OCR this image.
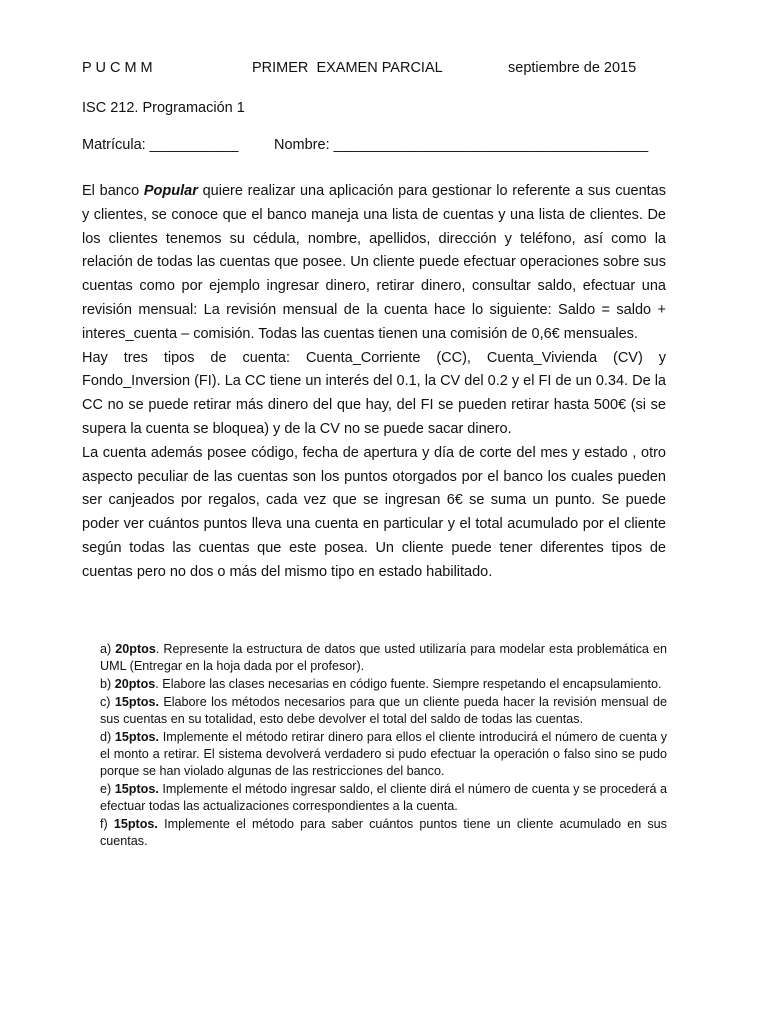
P U C M M	PRIMER  EXAMEN PARCIAL	septiembre de 2015
ISC 212. Programación 1
Matrícula: ___________ Nombre: _______________________________________

El banco Popular quiere realizar una aplicación para gestionar lo referente a sus cuentas y clientes, se conoce que el banco maneja una lista de cuentas y una lista de clientes. De los clientes tenemos su cédula, nombre, apellidos, dirección y teléfono, así como la relación de todas las cuentas que posee. Un cliente puede efectuar operaciones sobre sus cuentas como por ejemplo ingresar dinero, retirar dinero, consultar saldo, efectuar una revisión mensual: La revisión mensual de la cuenta hace lo siguiente: Saldo = saldo + interes_cuenta – comisión. Todas las cuentas tienen una comisión de 0,6€ mensuales.

Hay tres tipos de cuenta: Cuenta_Corriente (CC), Cuenta_Vivienda (CV) y Fondo_Inversion (FI). La CC tiene un interés del 0.1, la CV del 0.2 y el FI de un 0.34. De la CC no se puede retirar más dinero del que hay, del FI se pueden retirar hasta 500€ (si se supera la cuenta se bloquea) y de la CV no se puede sacar dinero.

La cuenta además posee código, fecha de apertura y día de corte del mes y estado , otro aspecto peculiar de las cuentas son los puntos otorgados por el banco los cuales pueden ser canjeados por regalos, cada vez que se ingresan 6€ se suma un punto. Se puede poder ver cuántos puntos lleva una cuenta en particular y el total acumulado por el cliente según todas las cuentas que este posea. Un cliente puede tener diferentes tipos de cuentas pero no dos o más del mismo tipo en estado habilitado.

a) 20ptos. Represente la estructura de datos que usted utilizaría para modelar esta problemática en UML (Entregar en la hoja dada por el profesor).

b) 20ptos. Elabore las clases necesarias en código fuente. Siempre respetando el encapsulamiento.

c) 15ptos. Elabore los métodos necesarios para que un cliente pueda hacer la revisión mensual de sus cuentas en su totalidad, esto debe devolver el total del saldo de todas las cuentas.

d) 15ptos. Implemente el método retirar dinero para ellos el cliente introducirá el número de cuenta y el monto a retirar. El sistema devolverá verdadero si pudo efectuar la operación o falso sino se pudo porque se han violado algunas de las restricciones del banco.

e) 15ptos. Implemente el método ingresar saldo, el cliente dirá el número de cuenta y se procederá a efectuar todas las actualizaciones correspondientes a la cuenta.

f) 15ptos. Implemente el método para saber cuántos puntos tiene un cliente acumulado en sus cuentas.
